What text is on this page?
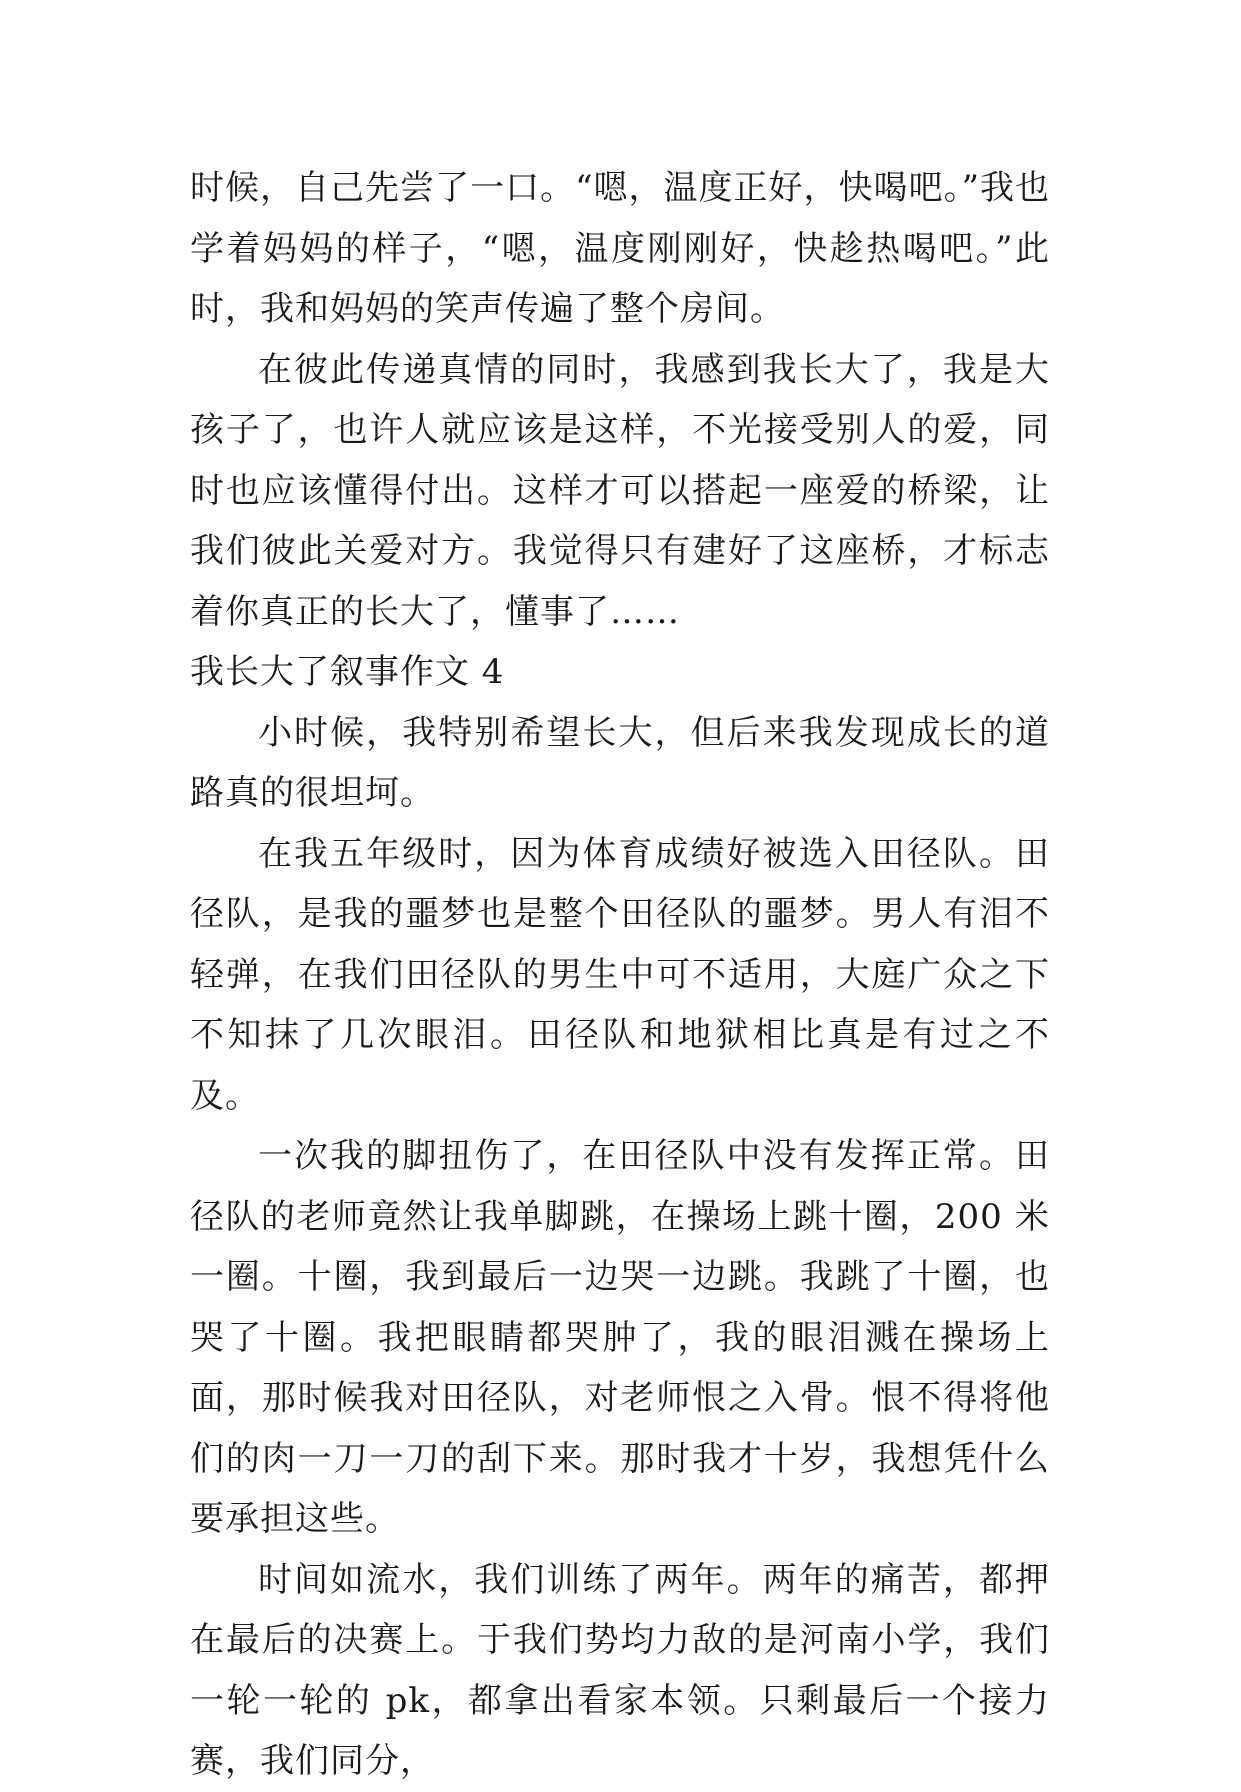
时候，自己先尝了一口。“嗯，温度正好，快喝吧。”我也学着妈妈的样子，“嗯，温度刚刚好，快趁热喝吧。”此时，我和妈妈的笑声传遍了整个房间。

在彼此传递真情的同时，我感到我长大了，我是大孩子了，也许人就应该是这样，不光接受别人的爱，同时也应该懂得付出。这样才可以搭起一座爱的桥梁，让我们彼此关爱对方。我觉得只有建好了这座桥，才标志着你真正的长大了，懂事了……

我长大了叙事作文 4

小时候，我特别希望长大，但后来我发现成长的道路真的很坦坷。

在我五年级时，因为体育成绩好被选入田径队。田径队，是我的噩梦也是整个田径队的噩梦。男人有泪不轻弹，在我们田径队的男生中可不适用，大庭广众之下不知抹了几次眼泪。田径队和地狱相比真是有过之不及。

一次我的脚扭伤了，在田径队中没有发挥正常。田径队的老师竟然让我单脚跳，在操场上跳十圈，200 米一圈。十圈，我到最后一边哭一边跳。我跳了十圈，也哭了十圈。我把眼睛都哭肿了，我的眼泪溅在操场上面，那时候我对田径队，对老师恨之入骨。恨不得将他们的肉一刀一刀的刮下来。那时我才十岁，我想凭什么要承担这些。

时间如流水，我们训练了两年。两年的痛苦，都押在最后的决赛上。于我们势均力敌的是河南小学，我们一轮一轮的 pk，都拿出看家本领。只剩最后一个接力赛，我们同分，
